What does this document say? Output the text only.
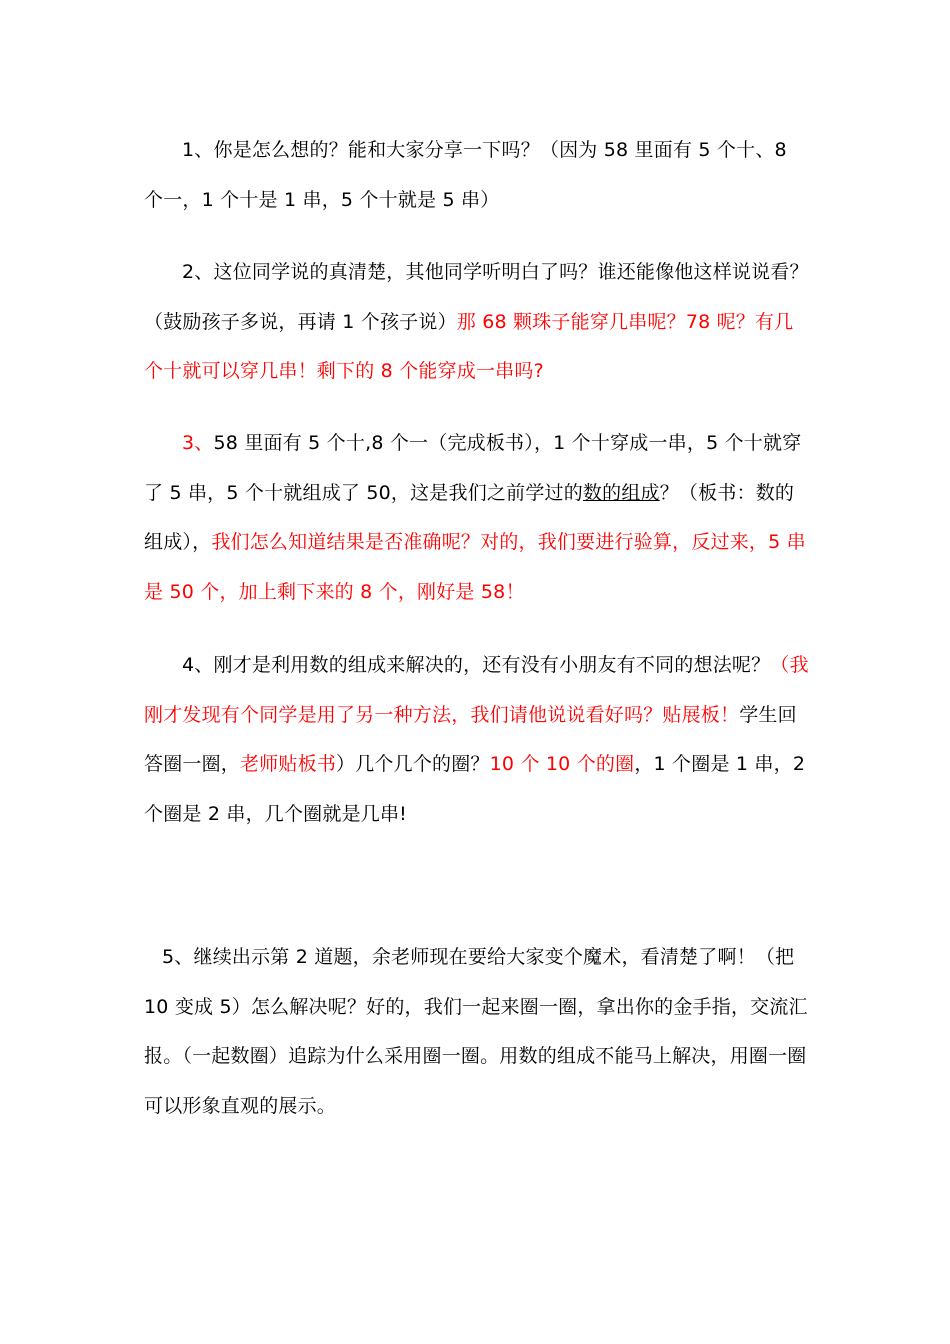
1、你是怎么想的？能和大家分享一下吗？（因为 58 里面有 5 个十、8 个一，1 个十是 1 串，5 个十就是 5 串）

2、这位同学说的真清楚，其他同学听明白了吗？谁还能像他这样说说看？（鼓励孩子多说，再请 1 个孩子说）那 68 颗珠子能穿几串呢？78 呢？有几个十就可以穿几串！剩下的 8 个能穿成一串吗?

3、58 里面有 5 个十,8 个一（完成板书），1 个十穿成一串，5 个十就穿了 5 串，5 个十就组成了 50，这是我们之前学过的数的组成？（板书：数的组成），我们怎么知道结果是否准确呢？对的，我们要进行验算，反过来，5 串是 50 个，加上剩下来的 8 个，刚好是 58！

4、刚才是利用数的组成来解决的，还有没有小朋友有不同的想法呢？（我刚才发现有个同学是用了另一种方法，我们请他说说看好吗？贴展板！学生回答圈一圈，老师贴板书）几个几个的圈？10 个 10 个的圈，1 个圈是 1 串，2 个圈是 2 串，几个圈就是几串!

5、继续出示第 2 道题，余老师现在要给大家变个魔术，看清楚了啊！（把 10 变成 5）怎么解决呢？好的，我们一起来圈一圈，拿出你的金手指，交流汇报。（一起数圈）追踪为什么采用圈一圈。用数的组成不能马上解决，用圈一圈可以形象直观的展示。
